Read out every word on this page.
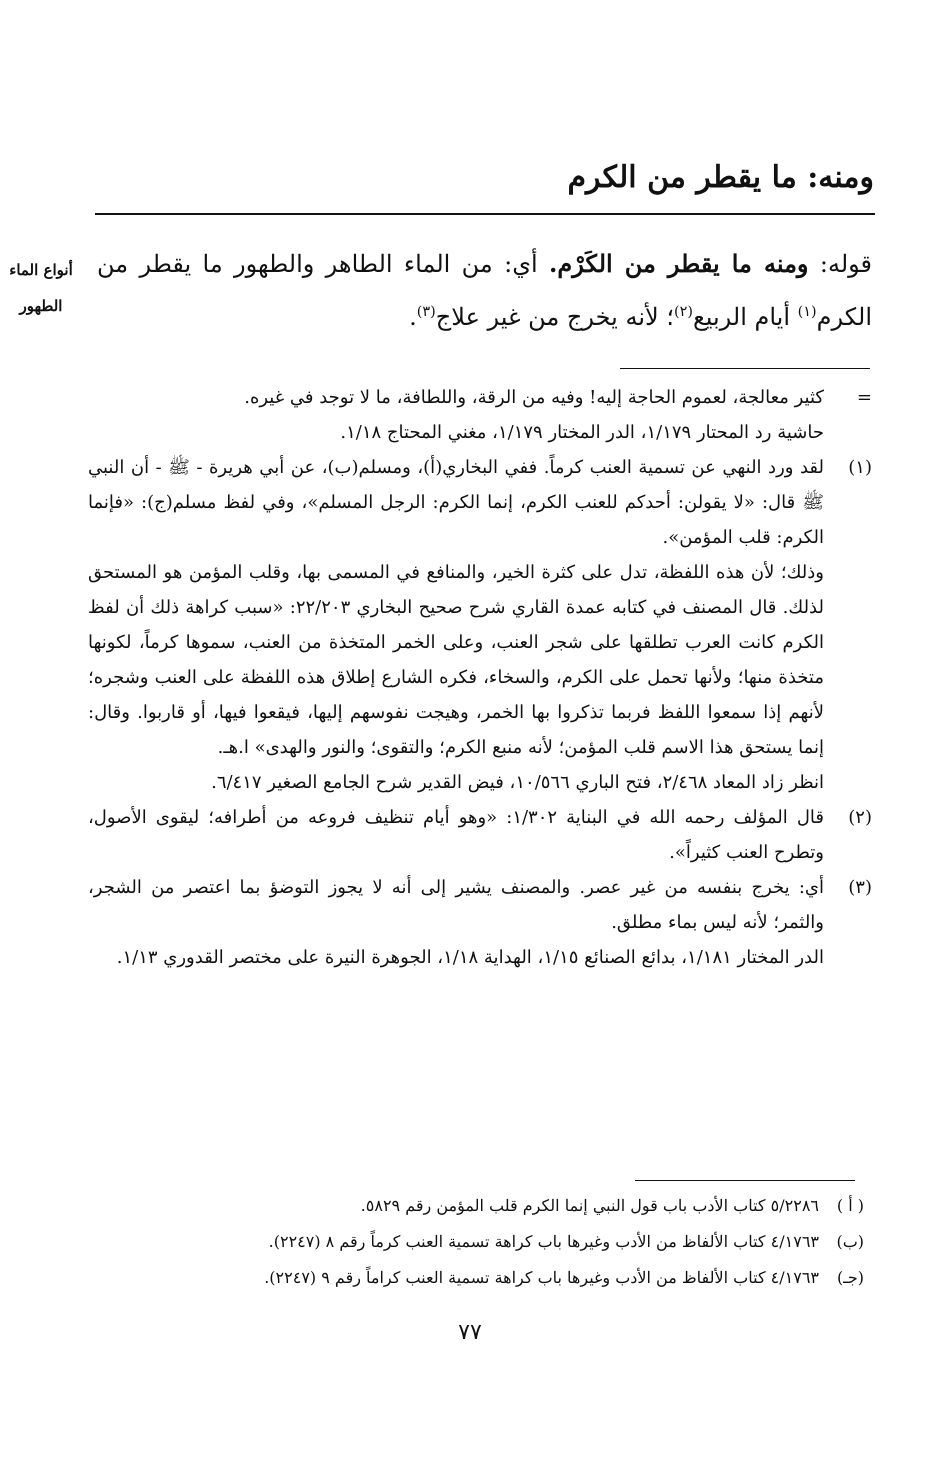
ومنه: ما يقطر من الكرم
أنواع الماء
الطهور
قوله: ومنه ما يقطر من الكَرْم. أي: من الماء الطاهر والطهور ما يقطر من الكرم$^{(١)}$ أيام الربيع$^{(٢)}$؛ لأنه يخرج من غير علاج$^{(٣)}$.
=
كثير معالجة، لعموم الحاجة إليه! وفيه من الرقة، واللطافة، ما لا توجد في غيره.
حاشية رد المحتار ١/١٧٩، الدر المختار ١/١٧٩، مغني المحتاج ١/١٨.
(١)
لقد ورد النهي عن تسمية العنب كرماً. ففي البخاري(أ)، ومسلم(ب)، عن أبي هريرة - ﷺ - أن النبي ﷺ قال: «لا يقولن: أحدكم للعنب الكرم، إنما الكرم: الرجل المسلم»، وفي لفظ مسلم(ج): «فإنما الكرم: قلب المؤمن».
وذلك؛ لأن هذه اللفظة، تدل على كثرة الخير، والمنافع في المسمى بها، وقلب المؤمن هو المستحق لذلك. قال المصنف في كتابه عمدة القاري شرح صحيح البخاري ٢٢/٢٠٣: «سبب كراهة ذلك أن لفظ الكرم كانت العرب تطلقها على شجر العنب، وعلى الخمر المتخذة من العنب، سموها كرماً، لكونها متخذة منها؛ ولأنها تحمل على الكرم، والسخاء، فكره الشارع إطلاق هذه اللفظة على العنب وشجره؛ لأنهم إذا سمعوا اللفظ فربما تذكروا بها الخمر، وهيجت نفوسهم إليها، فيقعوا فيها، أو قاربوا. وقال: إنما يستحق هذا الاسم قلب المؤمن؛ لأنه منبع الكرم؛ والتقوى؛ والنور والهدى» ا.هـ.
انظر زاد المعاد ٢/٤٦٨، فتح الباري ١٠/٥٦٦، فيض القدير شرح الجامع الصغير ٦/٤١٧.
(٢)
قال المؤلف رحمه الله في البناية ١/٣٠٢: «وهو أيام تنظيف فروعه من أطرافه؛ ليقوى الأصول، وتطرح العنب كثيراً».
(٣)
أي: يخرج بنفسه من غير عصر. والمصنف يشير إلى أنه لا يجوز التوضؤ بما اعتصر من الشجر، والثمر؛ لأنه ليس بماء مطلق.
الدر المختار ١/١٨١، بدائع الصنائع ١/١٥، الهداية ١/١٨، الجوهرة النيرة على مختصر القدوري ١/١٣.
( أ )
٥/٢٢٨٦ كتاب الأدب باب قول النبي إنما الكرم قلب المؤمن رقم ٥٨٢٩.
(ب)
٤/١٧٦٣ كتاب الألفاظ من الأدب وغيرها باب كراهة تسمية العنب كرماً رقم ٨ (٢٢٤٧).
(جـ)
٤/١٧٦٣ كتاب الألفاظ من الأدب وغيرها باب كراهة تسمية العنب كراماً رقم ٩ (٢٢٤٧).
٧٧
